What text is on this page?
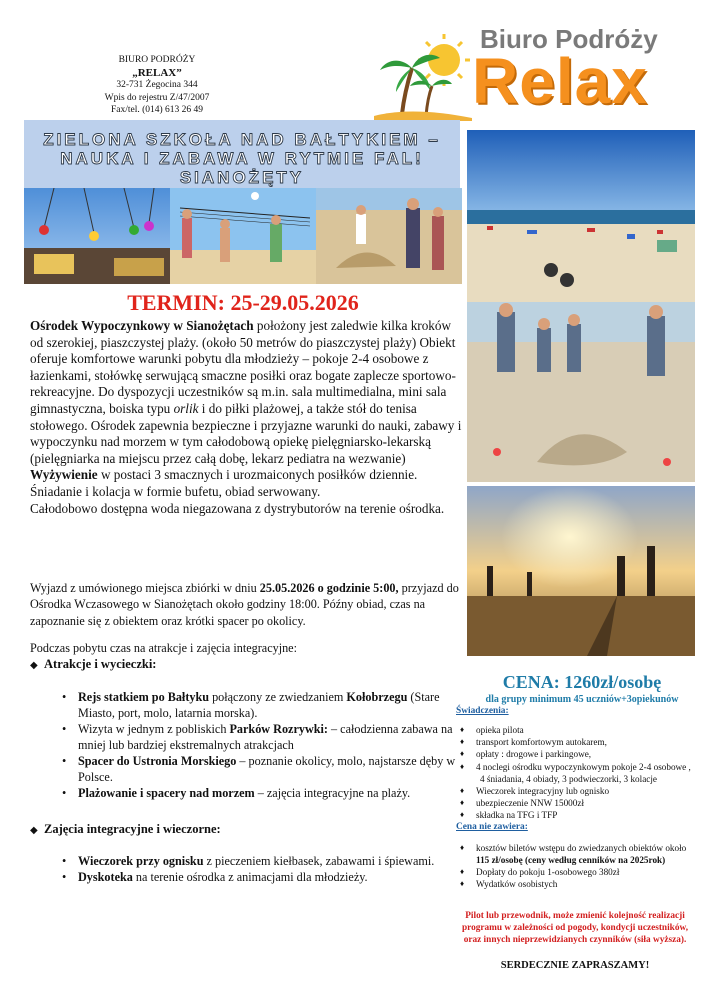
BIURO PODRÓŻY
„RELAX”
32-731 Żegocina 344
Wpis do rejestru Z/47/2007
Fax/tel. (014) 613 26 49
Biuro Podróży
Relax
ZIELONA SZKOŁA NAD BAŁTYKIEM –
NAUKA I ZABAWA W RYTMIE FAL!
SIANOŻĘTY
TERMIN: 25-29.05.2026

Ośrodek Wypoczynkowy w Sianożętach położony jest zaledwie kilka kroków od szerokiej, piaszczystej plaży. (około 50 metrów do piaszczystej plaży) Obiekt oferuje komfortowe warunki pobytu dla młodzieży – pokoje 2-4 osobowe z łazienkami, stołówkę serwującą smaczne posiłki oraz bogate zaplecze sportowo-rekreacyjne. Do dyspozycji uczestników są m.in. sala multimedialna, mini sala gimnastyczna, boiska typu orlik i do piłki plażowej, a także stół do tenisa stołowego. Ośrodek zapewnia bezpieczne i przyjazne warunki do nauki, zabawy i wypoczynku nad morzem w tym całodobową opiekę pielęgniarsko-lekarską (pielęgniarka na miejscu przez całą dobę, lekarz pediatra na wezwanie)

Wyżywienie w postaci 3 smacznych i urozmaiconych posiłków dziennie.

Śniadanie i kolacja w formie bufetu, obiad serwowany.

Całodobowo dostępna woda niegazowana z dystrybutorów na terenie ośrodka.

Wyjazd z umówionego miejsca zbiórki w dniu 25.05.2026 o godzinie 5:00, przyjazd do Ośrodka Wczasowego w Sianożętach około godziny 18:00. Późny obiad, czas na zapoznanie się z obiektem oraz krótki spacer po okolicy.
Podczas pobytu czas na atrakcje i zajęcia integracyjne:
◆ Atrakcje i wycieczki:
• Rejs statkiem po Bałtyku połączony ze zwiedzaniem Kołobrzegu (Stare Miasto, port, molo, latarnia morska).
• Wizyta w jednym z pobliskich Parków Rozrywki: – całodzienna zabawa na mniej lub bardziej ekstremalnych atrakcjach
• Spacer do Ustronia Morskiego – poznanie okolicy, molo, najstarsze dęby w Polsce.
• Plażowanie i spacery nad morzem – zajęcia integracyjne na plaży.
◆ Zajęcia integracyjne i wieczorne:
• Wieczorek przy ognisku z pieczeniem kiełbasek, zabawami i śpiewami.
• Dyskoteka na terenie ośrodka z animacjami dla młodzieży.
CENA: 1260zł/osobę
dla grupy minimum 45 uczniów+3opiekunów
Świadczenia:
♦ opieka pilota
♦ transport komfortowym autokarem,
♦ opłaty : drogowe i parkingowe,
♦ 4 noclegi ośrodku wypoczynkowym pokoje 2-4 osobowe ,
4 śniadania, 4 obiady, 3 podwieczorki, 3 kolacje
♦ Wieczorek integracyjny lub ognisko
♦ ubezpieczenie NNW 15000zł
♦ składka na TFG i TFP
Cena nie zawiera:
♦ kosztów biletów wstępu do zwiedzanych obiektów około
115 zł/osobę (ceny według cenników na 2025rok)
♦ Dopłaty do pokoju 1-osobowego 380zł
♦ Wydatków osobistych
Pilot lub przewodnik, może zmienić kolejność realizacji programu w zależności od pogody, kondycji uczestników, oraz innych nieprzewidzianych czynników (siła wyższa).
SERDECZNIE ZAPRASZAMY!
